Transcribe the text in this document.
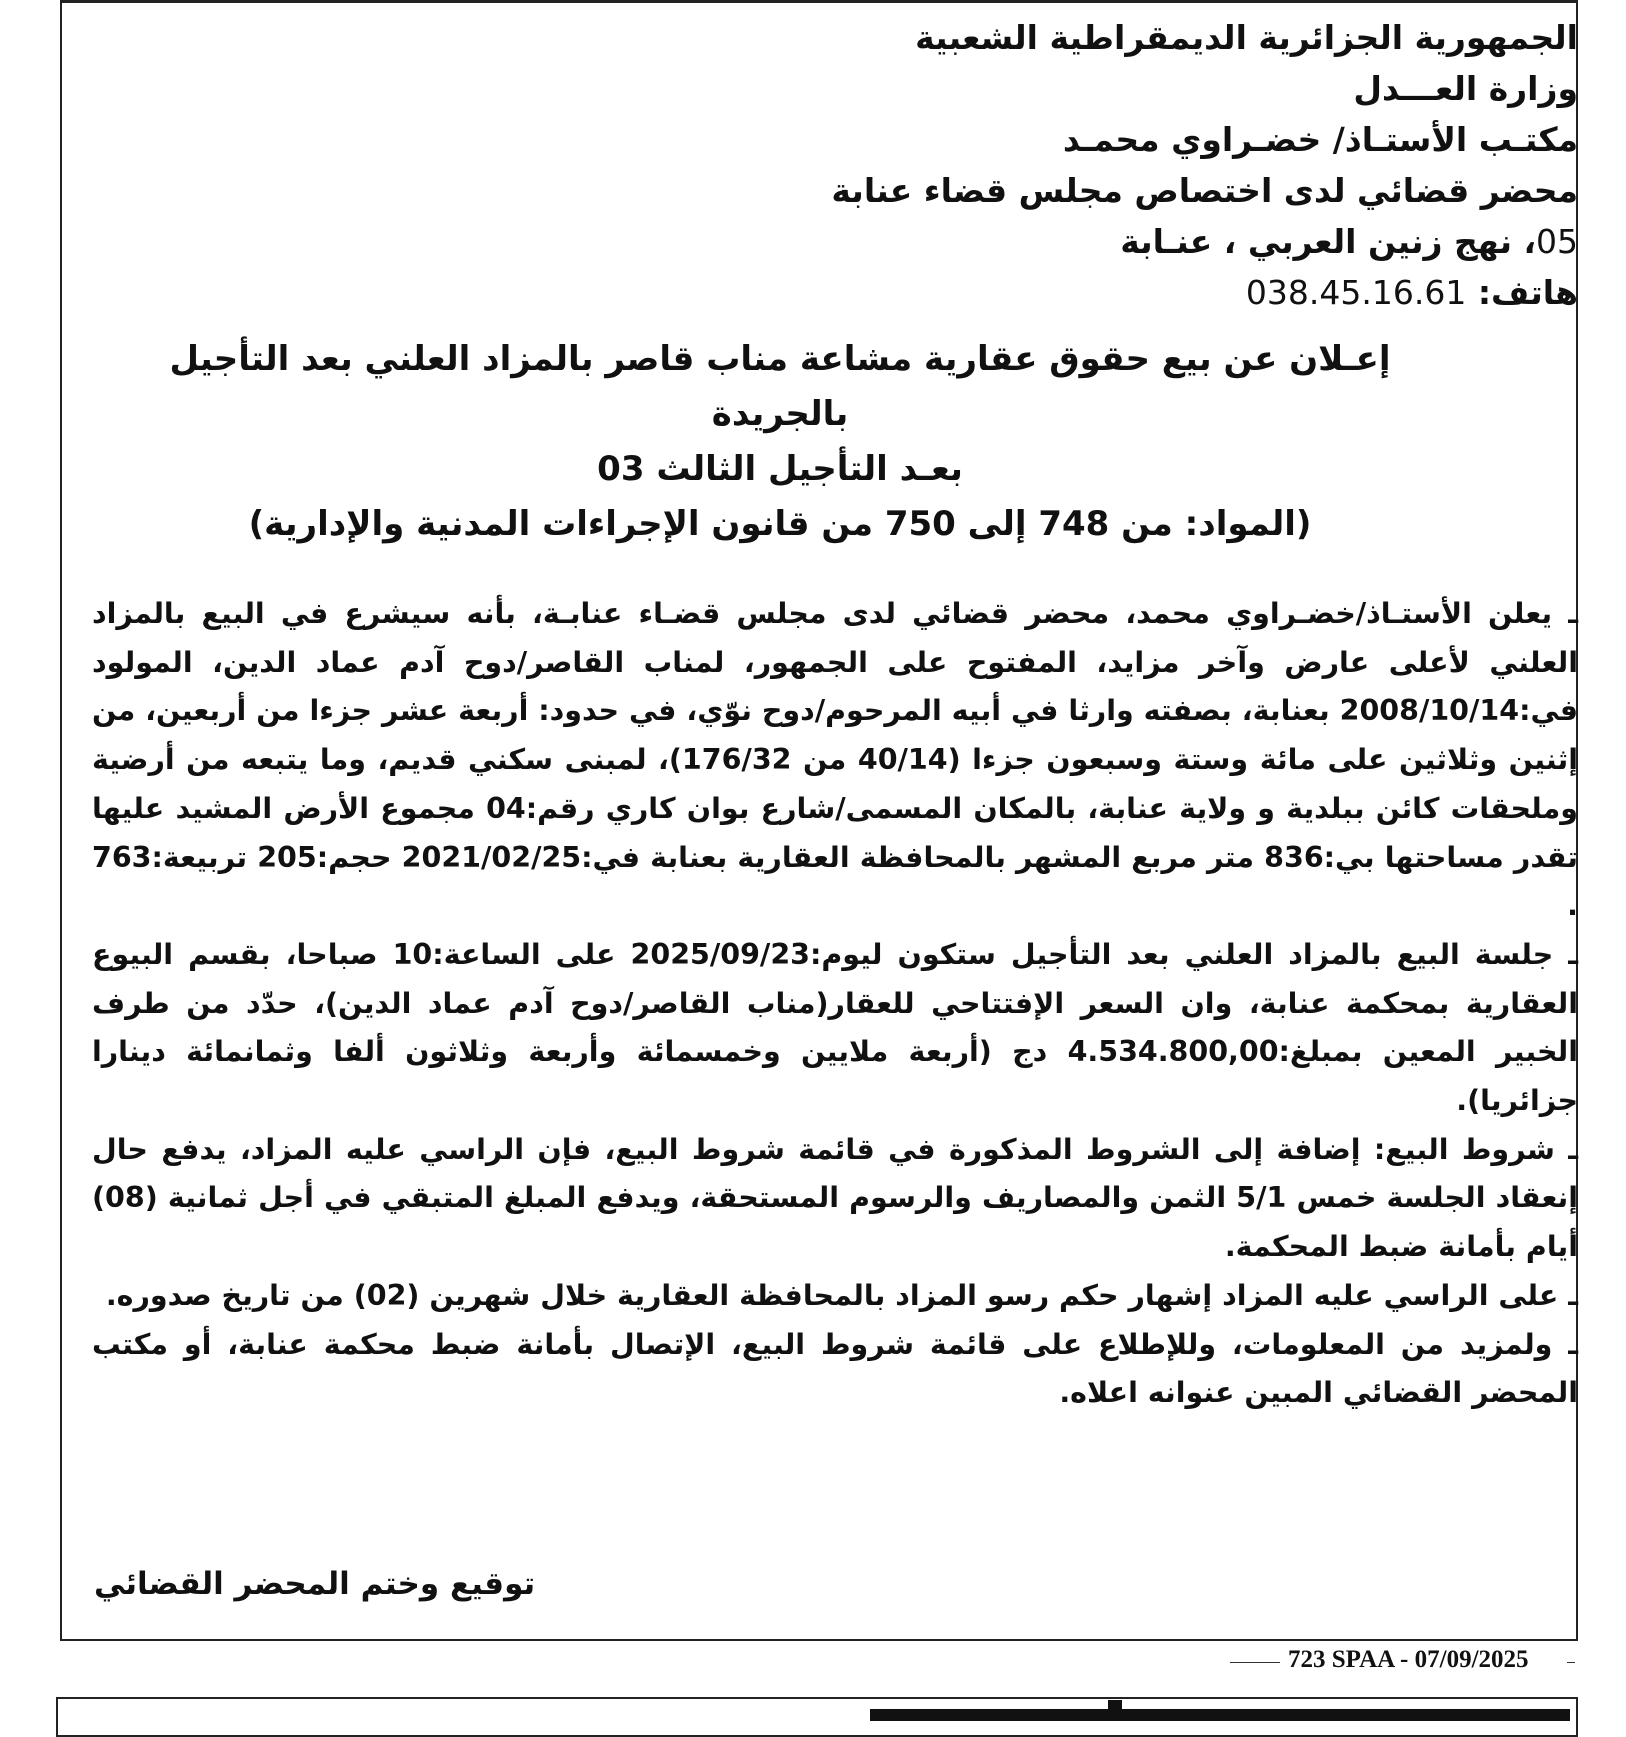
الجمهورية الجزائرية الديمقراطية الشعبية
وزارة العـــدل
مكتـب الأستـاذ/ خضـراوي محمـد
محضر قضائي لدى اختصاص مجلس قضاء عنابة
05، نهج زنين العربي ، عنـابة
هاتف: 038.45.16.61
إعـلان عن بيع حقوق عقارية مشاعة مناب قاصر بالمزاد العلني بعد التأجيل
بالجريدة
بعـد التأجيل الثالث 03
(المواد: من 748 إلى 750 من قانون الإجراءات المدنية والإدارية)

ـ يعلن الأستـاذ/خضـراوي محمد، محضر قضائي لدى مجلس قضـاء عنابـة، بأنه سيشرع في البيع بالمزاد العلني لأعلى عارض وآخر مزايد، المفتوح على الجمهور، لمناب القاصر/دوح آدم عماد الدين، المولود في:2008/10/14 بعنابة، بصفته وارثا في أبيه المرحوم/دوح نوّي، في حدود: أربعة عشر جزءا من أربعين، من إثنين وثلاثين على مائة وستة وسبعون جزءا (40/14 من 176/32)، لمبنى سكني قديم، وما يتبعه من أرضية وملحقات كائن ببلدية و ولاية عنابة، بالمكان المسمى/شارع بوان كاري رقم:04 مجموع الأرض المشيد عليها تقدر مساحتها بي:836 متر مربع المشهر بالمحافظة العقارية بعنابة في:2021/02/25 حجم:205 تربيعة:763 .

ـ جلسة البيع بالمزاد العلني بعد التأجيل ستكون ليوم:2025/09/23 على الساعة:10 صباحا، بقسم البيوع العقارية بمحكمة عنابة، وان السعر الإفتتاحي للعقار(مناب القاصر/دوح آدم عماد الدين)، حدّد من طرف الخبير المعين بمبلغ:4.534.800,00 دج (أربعة ملايين وخمسمائة وأربعة وثلاثون ألفا وثمانمائة دينارا جزائريا).

ـ شروط البيع: إضافة إلى الشروط المذكورة في قائمة شروط البيع، فإن الراسي عليه المزاد، يدفع حال إنعقاد الجلسة خمس 5/1 الثمن والمصاريف والرسوم المستحقة، ويدفع المبلغ المتبقي في أجل ثمانية (08) أيام بأمانة ضبط المحكمة.

ـ على الراسي عليه المزاد إشهار حكم رسو المزاد بالمحافظة العقارية خلال شهرين (02) من تاريخ صدوره.

ـ ولمزيد من المعلومات، وللإطلاع على قائمة شروط البيع، الإتصال بأمانة ضبط محكمة عنابة، أو مكتب المحضر القضائي المبين عنوانه اعلاه.

توقيع وختم المحضر القضائي
723 SPAA - 07/09/2025
